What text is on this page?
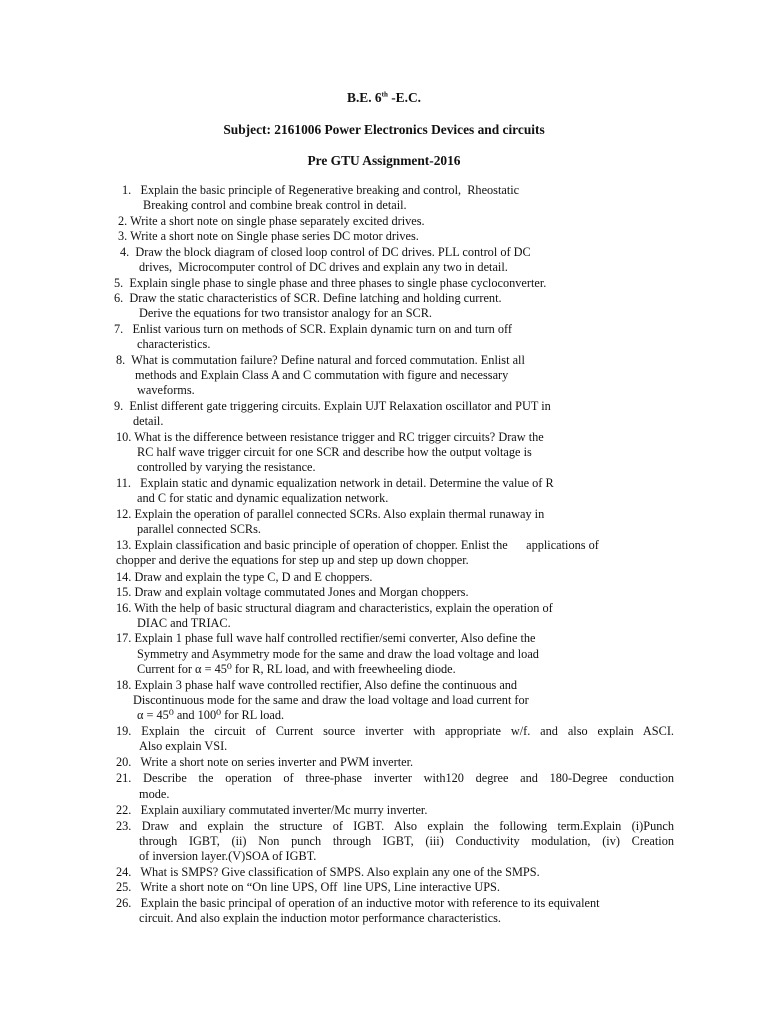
B.E. 6th -E.C.
Subject: 2161006 Power Electronics Devices and circuits
Pre GTU Assignment-2016
1.   Explain the basic principle of Regenerative breaking and control,  Rheostatic
Breaking control and combine break control in detail.
2. Write a short note on single phase separately excited drives.
3. Write a short note on Single phase series DC motor drives.
4.  Draw the block diagram of closed loop control of DC drives. PLL control of DC
drives,  Microcomputer control of DC drives and explain any two in detail.
5.  Explain single phase to single phase and three phases to single phase cycloconverter.
6.  Draw the static characteristics of SCR. Define latching and holding current.
Derive the equations for two transistor analogy for an SCR.
7.   Enlist various turn on methods of SCR. Explain dynamic turn on and turn off
characteristics.
8.  What is commutation failure? Define natural and forced commutation. Enlist all
methods and Explain Class A and C commutation with figure and necessary
waveforms.
9.  Enlist different gate triggering circuits. Explain UJT Relaxation oscillator and PUT in
detail.
10. What is the difference between resistance trigger and RC trigger circuits? Draw the
RC half wave trigger circuit for one SCR and describe how the output voltage is
controlled by varying the resistance.
11.   Explain static and dynamic equalization network in detail. Determine the value of R
and C for static and dynamic equalization network.
12. Explain the operation of parallel connected SCRs. Also explain thermal runaway in
parallel connected SCRs.
13. Explain classification and basic principle of operation of chopper. Enlist the      applications of
chopper and derive the equations for step up and step up down chopper.
14. Draw and explain the type C, D and E choppers.
15. Draw and explain voltage commutated Jones and Morgan choppers.
16. With the help of basic structural diagram and characteristics, explain the operation of
DIAC and TRIAC.
17. Explain 1 phase full wave half controlled rectifier/semi converter, Also define the
Symmetry and Asymmetry mode for the same and draw the load voltage and load
Current for α = 45⁰ for R, RL load, and with freewheeling diode.
18. Explain 3 phase half wave controlled rectifier, Also define the continuous and
Discontinuous mode for the same and draw the load voltage and load current for
α = 45⁰ and 100⁰ for RL load.
19. Explain the circuit of Current source inverter with appropriate w/f. and also explain ASCI.
Also explain VSI.
20.   Write a short note on series inverter and PWM inverter.
21. Describe the operation of three-phase inverter with120 degree and 180-Degree conduction
mode.
22.   Explain auxiliary commutated inverter/Mc murry inverter.
23. Draw and explain the structure of IGBT. Also explain the following term.Explain (i)Punch
through IGBT, (ii) Non punch through IGBT, (iii) Conductivity modulation, (iv) Creation
of inversion layer.(V)SOA of IGBT.
24.   What is SMPS? Give classification of SMPS. Also explain any one of the SMPS.
25.   Write a short note on “On line UPS, Off  line UPS, Line interactive UPS.
26.   Explain the basic principal of operation of an inductive motor with reference to its equivalent
circuit. And also explain the induction motor performance characteristics.
